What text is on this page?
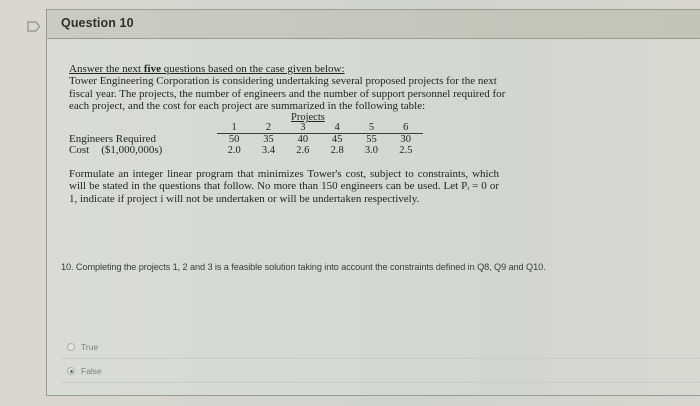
Question 10
Answer the next five questions based on the case given below:
Tower Engineering Corporation is considering undertaking several proposed projects for the next fiscal year. The projects, the number of engineers and the number of support personnel required for each project, and the cost for each project are summarized in the following table:
Projects
1	2	3	4	5	6
Engineers Required	50	35	40	45	55	30
Cost ($1,000,000s)	2.0	3.4	2.6	2.8	3.0	2.5
Formulate an integer linear program that minimizes Tower's cost, subject to constraints, which will be stated in the questions that follow. No more than 150 engineers can be used. Let Pᵢ = 0 or 1, indicate if project i will not be undertaken or will be undertaken respectively.
10. Completing the projects 1, 2 and 3 is a feasible solution taking into account the constraints defined in Q8, Q9 and Q10.
True
False
